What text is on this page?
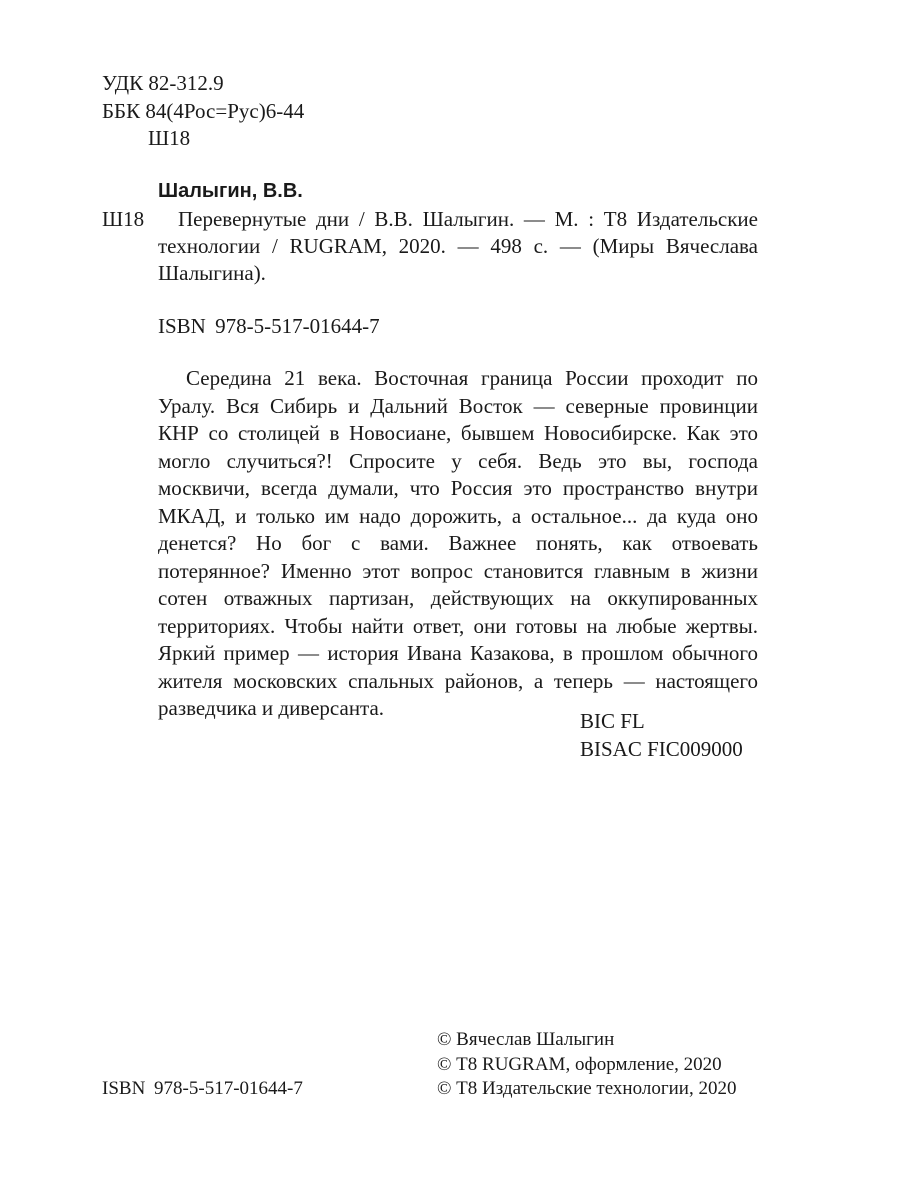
УДК 82-312.9
ББК 84(4Рос=Рус)6-44
Ш18
Шалыгин, В.В.
Ш18	Перевернутые дни / В.В. Шалыгин. — М. : Т8 Издательские технологии / RUGRAM, 2020. — 498 с. — (Миры Вячеслава Шалыгина).

ISBN 978-5-517-01644-7

Середина 21 века. Восточная граница России проходит по Уралу. Вся Сибирь и Дальний Восток — северные провинции КНР со столицей в Новосиане, бывшем Новосибирске. Как это могло случиться?! Спросите у себя. Ведь это вы, господа москвичи, всегда думали, что Россия это пространство внутри МКАД, и только им надо дорожить, а остальное... да куда оно денется? Но бог с вами. Важнее понять, как отвоевать потерянное? Именно этот вопрос становится главным в жизни сотен отважных партизан, действующих на оккупированных территориях. Чтобы найти ответ, они готовы на любые жертвы. Яркий пример — история Ивана Казакова, в прошлом обычного жителя московских спальных районов, а теперь — настоящего разведчика и диверсанта.

BIC FL
BISAC FIC009000
© Вячеслав Шалыгин
© Т8 RUGRAM, оформление, 2020
© Т8 Издательские технологии, 2020
ISBN 978-5-517-01644-7
